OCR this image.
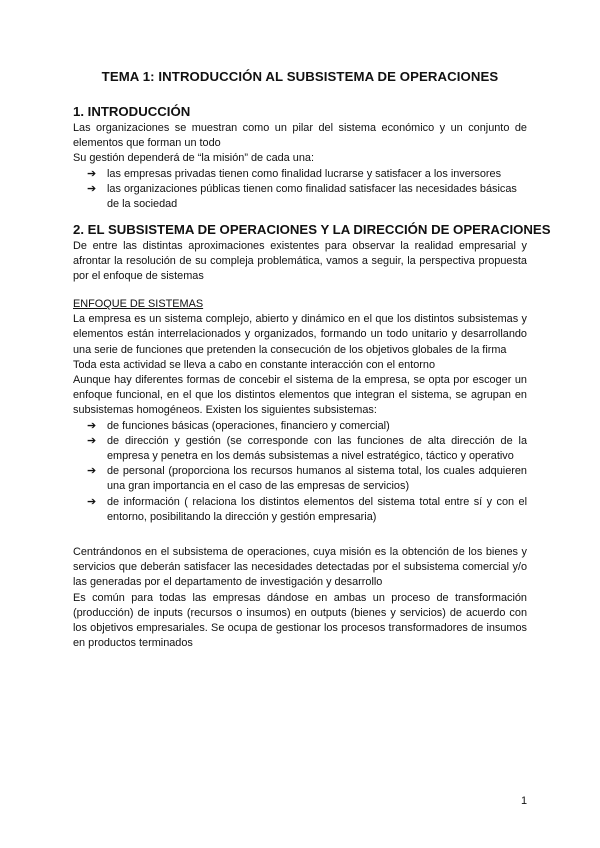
TEMA 1: INTRODUCCIÓN AL SUBSISTEMA DE OPERACIONES
1. INTRODUCCIÓN

Las organizaciones se muestran como un pilar del sistema económico y un conjunto de elementos que forman un todo

Su gestión dependerá de “la misión” de cada una:

➔ las empresas privadas tienen como finalidad lucrarse y satisfacer a los inversores
➔ las organizaciones públicas tienen como finalidad satisfacer las necesidades básicas de la sociedad
2. EL SUBSISTEMA DE OPERACIONES Y LA DIRECCIÓN DE OPERACIONES

De entre las distintas aproximaciones existentes para observar la realidad empresarial y afrontar la resolución de su compleja problemática, vamos a seguir, la perspectiva propuesta por el enfoque de sistemas

ENFOQUE DE SISTEMAS

La empresa es un sistema complejo, abierto y dinámico en el que los distintos subsistemas y elementos están interrelacionados y organizados, formando un todo unitario y desarrollando una serie de funciones que pretenden la consecución de los objetivos globales de la firma

Toda esta actividad se lleva a cabo en constante interacción con el entorno

Aunque hay diferentes formas de concebir el sistema de la empresa, se opta por escoger un enfoque funcional, en el que los distintos elementos que integran el sistema, se agrupan en subsistemas homogéneos. Existen los siguientes subsistemas:

➔ de funciones básicas (operaciones, financiero y comercial)
➔ de dirección y gestión (se corresponde con las funciones de alta dirección de la empresa y penetra en los demás subsistemas a nivel estratégico, táctico y operativo
➔ de personal (proporciona los recursos humanos al sistema total, los cuales adquieren una gran importancia en el caso de las empresas de servicios)
➔ de información ( relaciona los distintos elementos del sistema total entre sí y con el entorno, posibilitando la dirección y gestión empresaria)

Centrándonos en el subsistema de operaciones, cuya misión es la obtención de los bienes y servicios que deberán satisfacer las necesidades detectadas por el subsistema comercial y/o las generadas por el departamento de investigación y desarrollo

Es común para todas las empresas dándose en ambas un proceso de transformación (producción) de inputs (recursos o insumos) en outputs (bienes y servicios) de acuerdo con los objetivos empresariales. Se ocupa de gestionar los procesos transformadores de insumos en productos terminados

1
